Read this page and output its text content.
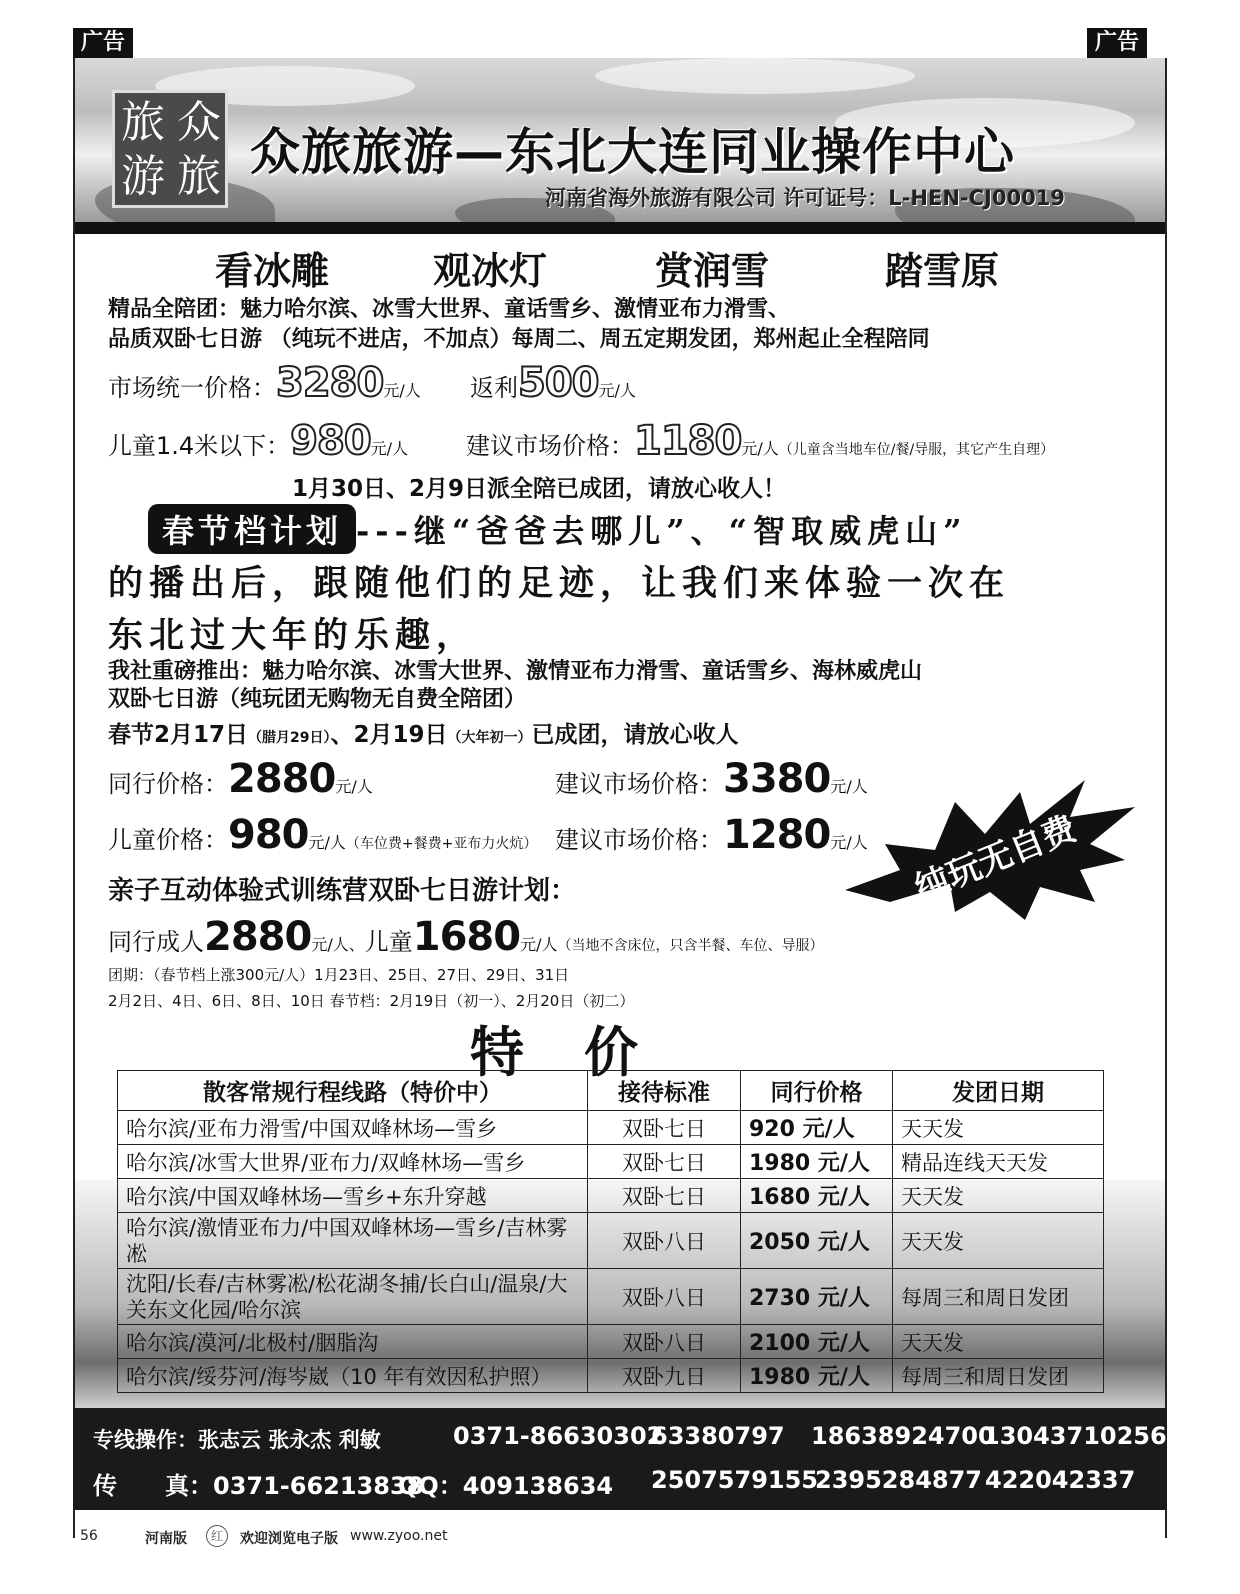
广告	广告
旅 众
游 旅 众旅旅游—东北大连同业操作中心
河南省海外旅游有限公司 许可证号：L-HEN-CJ00019
看冰雕	观冰灯	赏润雪	踏雪原
精品全陪团：魅力哈尔滨、冰雪大世界、童话雪乡、激情亚布力滑雪、
品质双卧七日游 （纯玩不进店，不加点）每周二、周五定期发团，郑州起止全程陪同
市场统一价格：3280元/人 返利500元/人
儿童1.4米以下：980元/人 建议市场价格：1180元/人（儿童含当地车位/餐/导服，其它产生自理）
1月30日、2月9日派全陪已成团，请放心收人！
春节档计划 ---继“爸爸去哪儿”、“智取威虎山”
的播出后，跟随他们的足迹，让我们来体验一次在
东北过大年的乐趣，
我社重磅推出：魅力哈尔滨、冰雪大世界、激情亚布力滑雪、童话雪乡、海林威虎山
双卧七日游（纯玩团无购物无自费全陪团）
春节2月17日（腊月29日）、2月19日（大年初一）已成团，请放心收人
同行价格：2880元/人	建议市场价格：3380元/人
儿童价格：980元/人（车位费+餐费+亚布力火炕） 建议市场价格：1280元/人 纯玩无自费
亲子互动体验式训练营双卧七日游计划：
同行成人2880元/人、儿童1680元/人（当地不含床位，只含半餐、车位、导服）
团期：（春节档上涨300元/人）1月23日、25日、27日、29日、31日
2月2日、4日、6日、8日、10日 春节档：2月19日（初一）、2月20日（初二）
特价
散客常规行程线路（特价中）	接待标准	同行价格	发团日期
哈尔滨/亚布力滑雪/中国双峰林场—雪乡	双卧七日	920 元/人	天天发
哈尔滨/冰雪大世界/亚布力/双峰林场—雪乡	双卧七日	1980 元/人	精品连线天天发
哈尔滨/中国双峰林场—雪乡+东升穿越	双卧七日	1680 元/人	天天发
哈尔滨/激情亚布力/中国双峰林场—雪乡/吉林雾凇	双卧八日	2050 元/人	天天发
沈阳/长春/吉林雾凇/松花湖冬捕/长白山/温泉/大关东文化园/哈尔滨	双卧八日	2730 元/人	每周三和周日发团
哈尔滨/漠河/北极村/胭脂沟	双卧八日	2100 元/人	天天发
哈尔滨/绥芬河/海岑崴（10 年有效因私护照）	双卧九日	1980 元/人	每周三和周日发团
专线操作：张志云 张永杰 利敏	0371-86630302
63380797 18638924700
13043710256
传　　真：0371-66213838
QQ：409138634 2507579155
2395284877 422042337
56	河南版	红	欢迎浏览电子版 www.zyoo.net
